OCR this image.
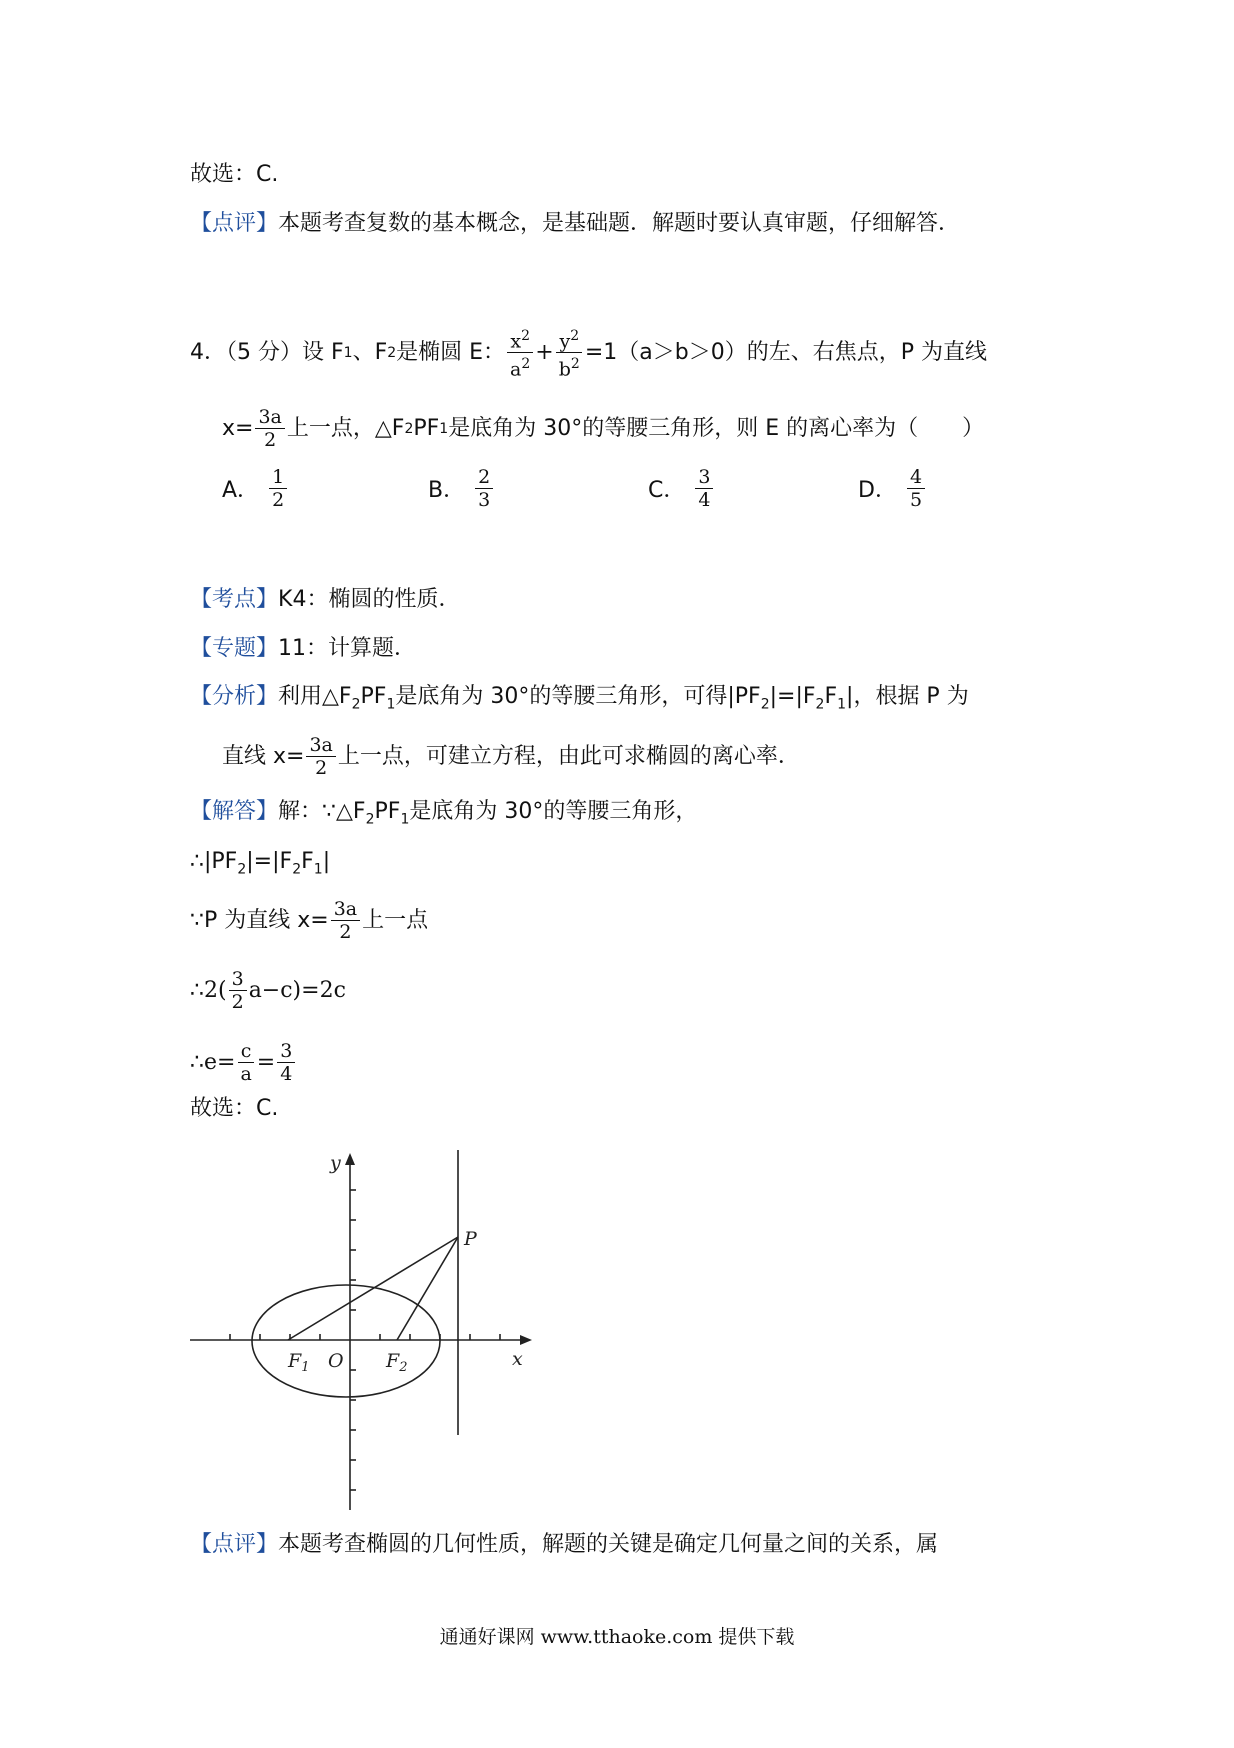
故选：C.
【点评】本题考查复数的基本概念，是基础题．解题时要认真审题，仔细解答．
4．（5 分）设 F 1 、F 2 是椭圆 E： $\frac{x^2}{a^2} + \frac{y^2}{b^2} =1(a>b>0)$的左、右焦点，P 为直线
$x= \frac{3a}{2}$ 上一点，△F 2 PF 1 是底角为 30°的等腰三角形，则 E 的离心率为（　　）
A． $\frac{1}{2}$	B． $\frac{2}{3}$	C． $\frac{3}{4}$	D． $\frac{4}{5}$
【考点】K4：椭圆的性质．
【专题】11：计算题．
【分析】利用$\triangle F_2PF_1$是底角为 30°的等腰三角形，可得$|PF_2|=|F_2F_1|$，根据 P 为
直线 $x= \frac{3a}{2}$ 上一点，可建立方程，由此可求椭圆的离心率．
【解答】解：$\because\triangle F_2PF_1$是底角为 30°的等腰三角形，
$\therefore|PF_2|=|F_2F_1|$
∵P 为直线 $x= \frac{3a}{2}$ 上一点
∴ $2( \frac{3}{2} a-c)=2c$
∴ $e= \frac{c}{a} = \frac{3}{4}$
故选：C.
y
x
O
P
$F_1$	$F_2$
【点评】本题考查椭圆的几何性质，解题的关键是确定几何量之间的关系，属
通通好课网 www.tthaoke.com 提供下载
